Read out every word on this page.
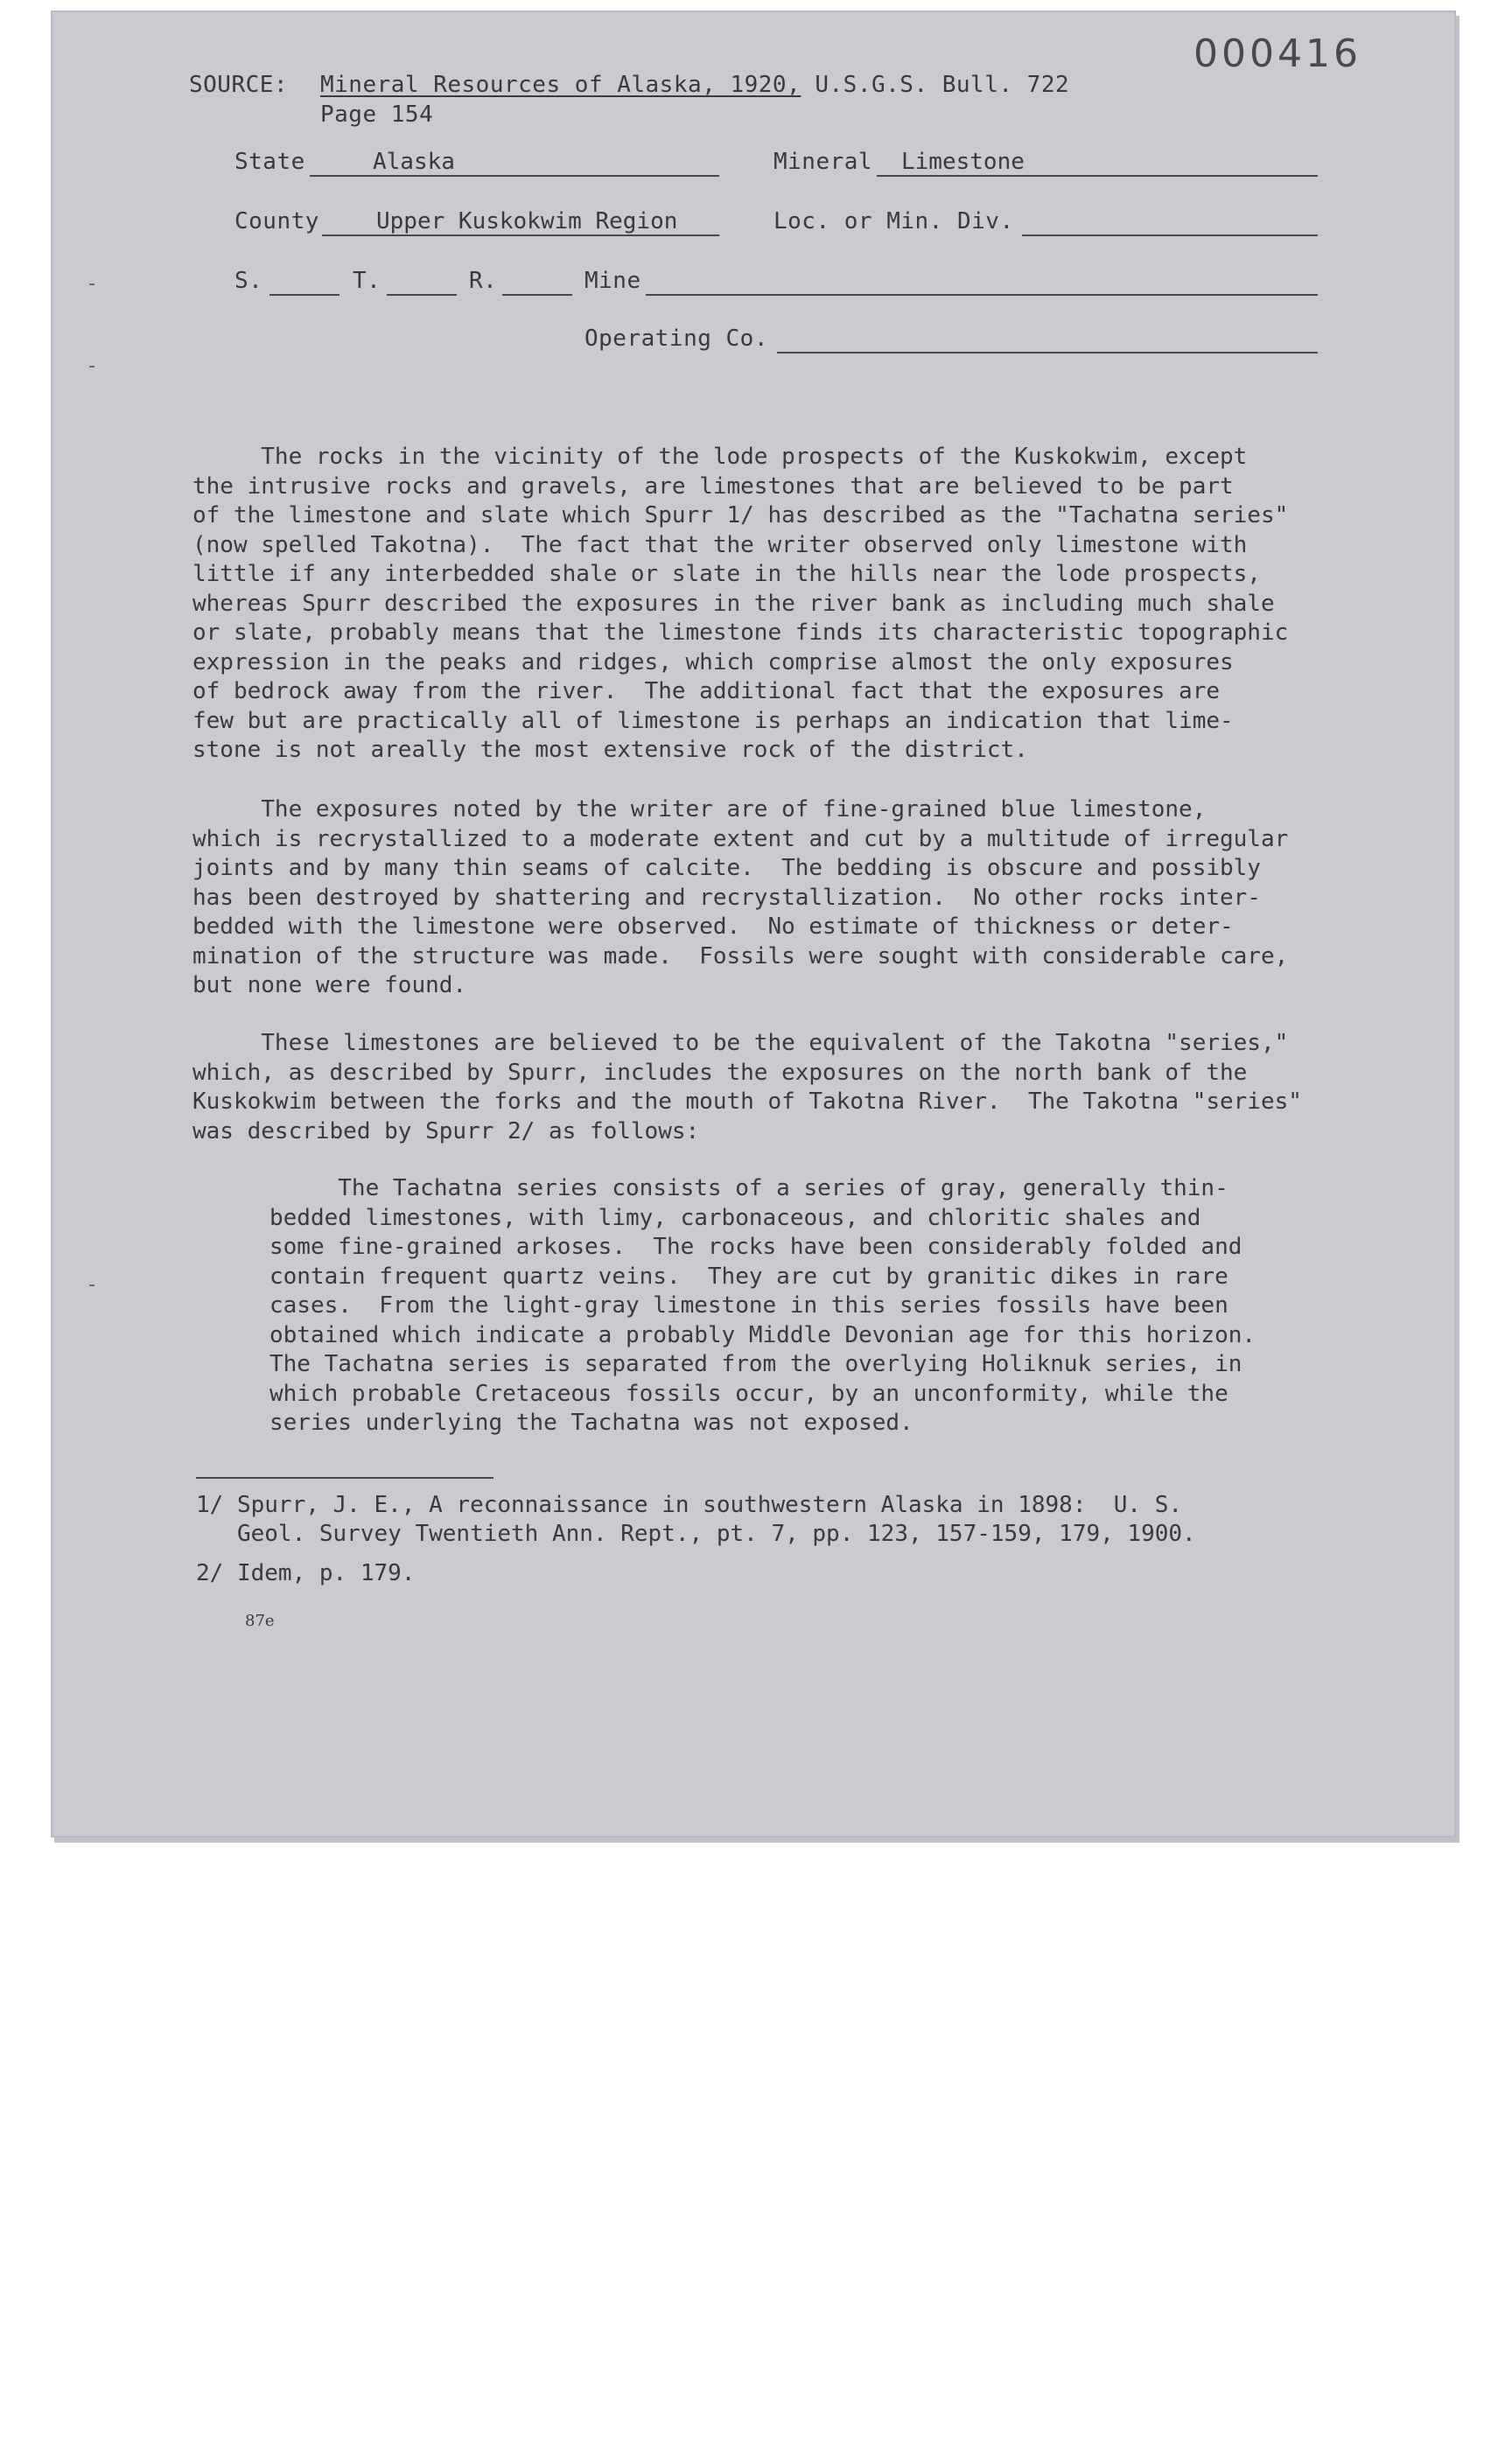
000416
SOURCE: Mineral Resources of Alaska, 1920, U.S.G.S. Bull. 722
Page 154
State	Alaska	Mineral Limestone
County	Upper Kuskokwim Region	Loc. or Min. Div.
S.	T.	R.	Mine
Operating Co.
The rocks in the vicinity of the lode prospects of the Kuskokwim, except
the intrusive rocks and gravels, are limestones that are believed to be part
of the limestone and slate which Spurr 1/ has described as the "Tachatna series"
(now spelled Takotna).  The fact that the writer observed only limestone with
little if any interbedded shale or slate in the hills near the lode prospects,
whereas Spurr described the exposures in the river bank as including much shale
or slate, probably means that the limestone finds its characteristic topographic
expression in the peaks and ridges, which comprise almost the only exposures
of bedrock away from the river.  The additional fact that the exposures are
few but are practically all of limestone is perhaps an indication that lime-
stone is not areally the most extensive rock of the district.
The exposures noted by the writer are of fine-grained blue limestone,
which is recrystallized to a moderate extent and cut by a multitude of irregular
joints and by many thin seams of calcite.  The bedding is obscure and possibly
has been destroyed by shattering and recrystallization.  No other rocks inter-
bedded with the limestone were observed.  No estimate of thickness or deter-
mination of the structure was made.  Fossils were sought with considerable care,
but none were found.
These limestones are believed to be the equivalent of the Takotna "series,"
which, as described by Spurr, includes the exposures on the north bank of the
Kuskokwim between the forks and the mouth of Takotna River.  The Takotna "series"
was described by Spurr 2/ as follows:
The Tachatna series consists of a series of gray, generally thin-
bedded limestones, with limy, carbonaceous, and chloritic shales and
some fine-grained arkoses.  The rocks have been considerably folded and
contain frequent quartz veins.  They are cut by granitic dikes in rare
cases.  From the light-gray limestone in this series fossils have been
obtained which indicate a probably Middle Devonian age for this horizon.
The Tachatna series is separated from the overlying Holiknuk series, in
which probable Cretaceous fossils occur, by an unconformity, while the
series underlying the Tachatna was not exposed.
1/ Spurr, J. E., A reconnaissance in southwestern Alaska in 1898:  U. S.
Geol. Survey Twentieth Ann. Rept., pt. 7, pp. 123, 157-159, 179, 1900.
2/ Idem, p. 179.
87e
